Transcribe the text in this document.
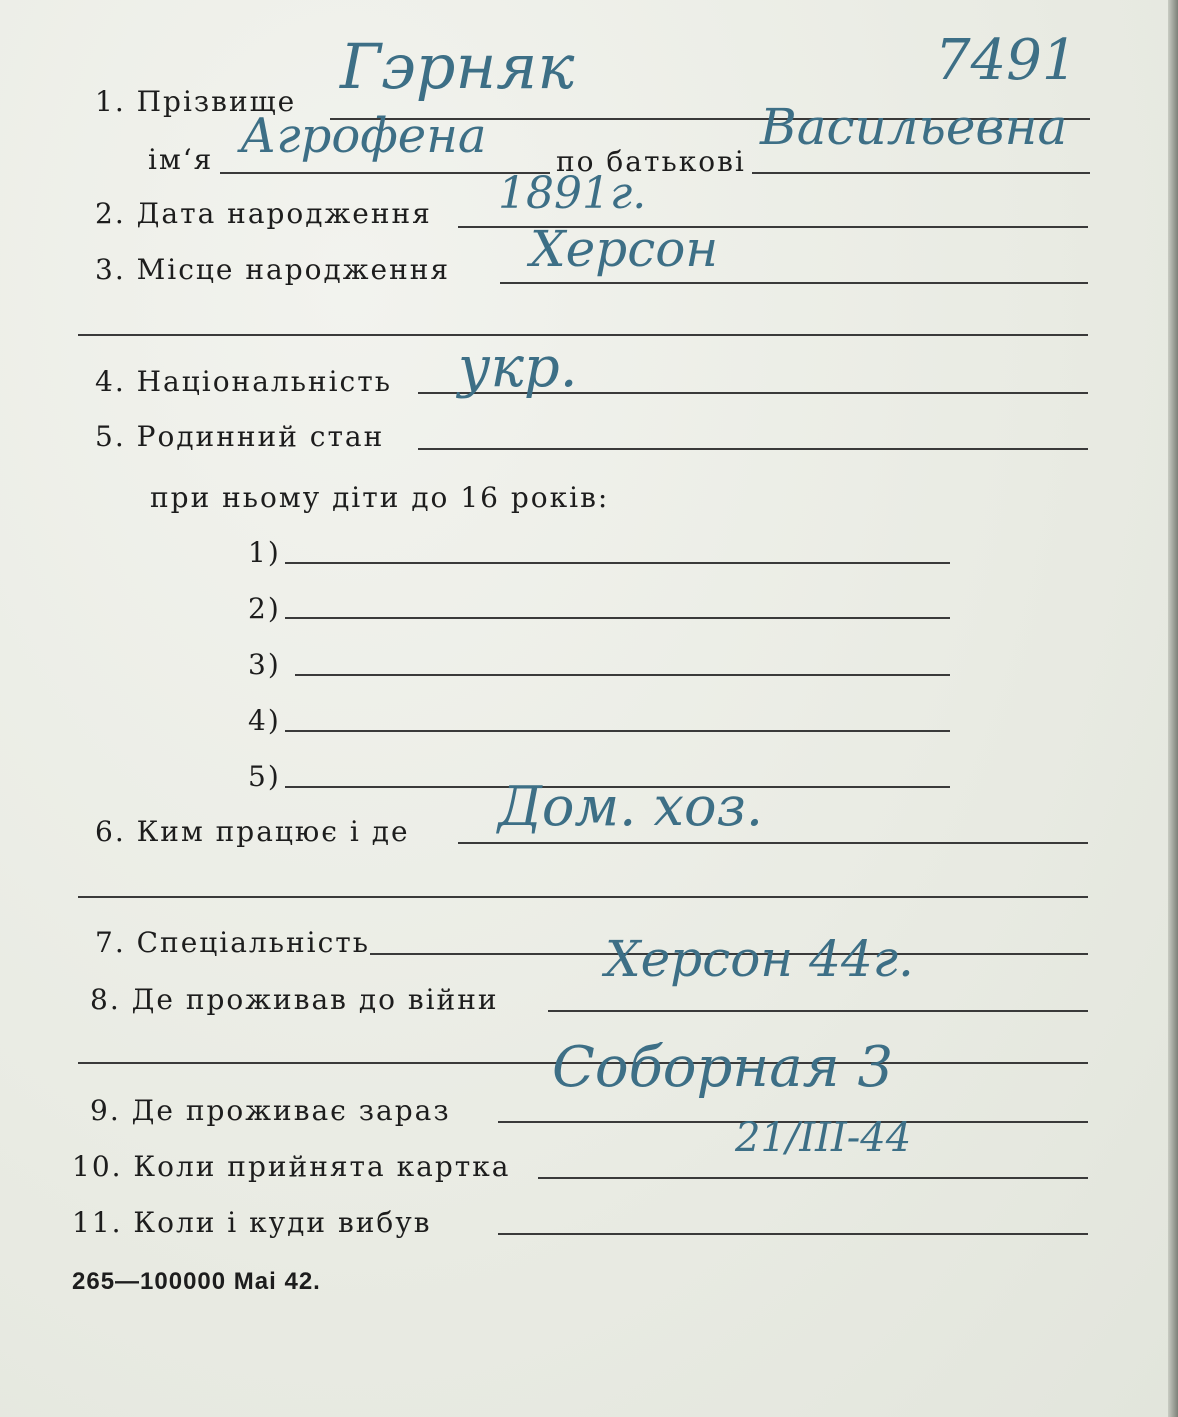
1. Прізвище Гэрняк	7491
ім‘я	по батькові
Агрофена	Васильевна
2. Дата народження 1891г.
3. Місце народження Херсон
4. Національність укр.
5. Родинний стан
при ньому діти до 16 років:
1)
2)
3)
4)
5)
6. Ким працює і де Дом. хоз.
7. Спеціальність
8. Де проживав до війни
Херсон 44г.
9. Де проживає зараз
Соборная 3
10. Коли прийнята картка
21/III-44
11. Коли і куди вибув
265—100000 Mai 42.
